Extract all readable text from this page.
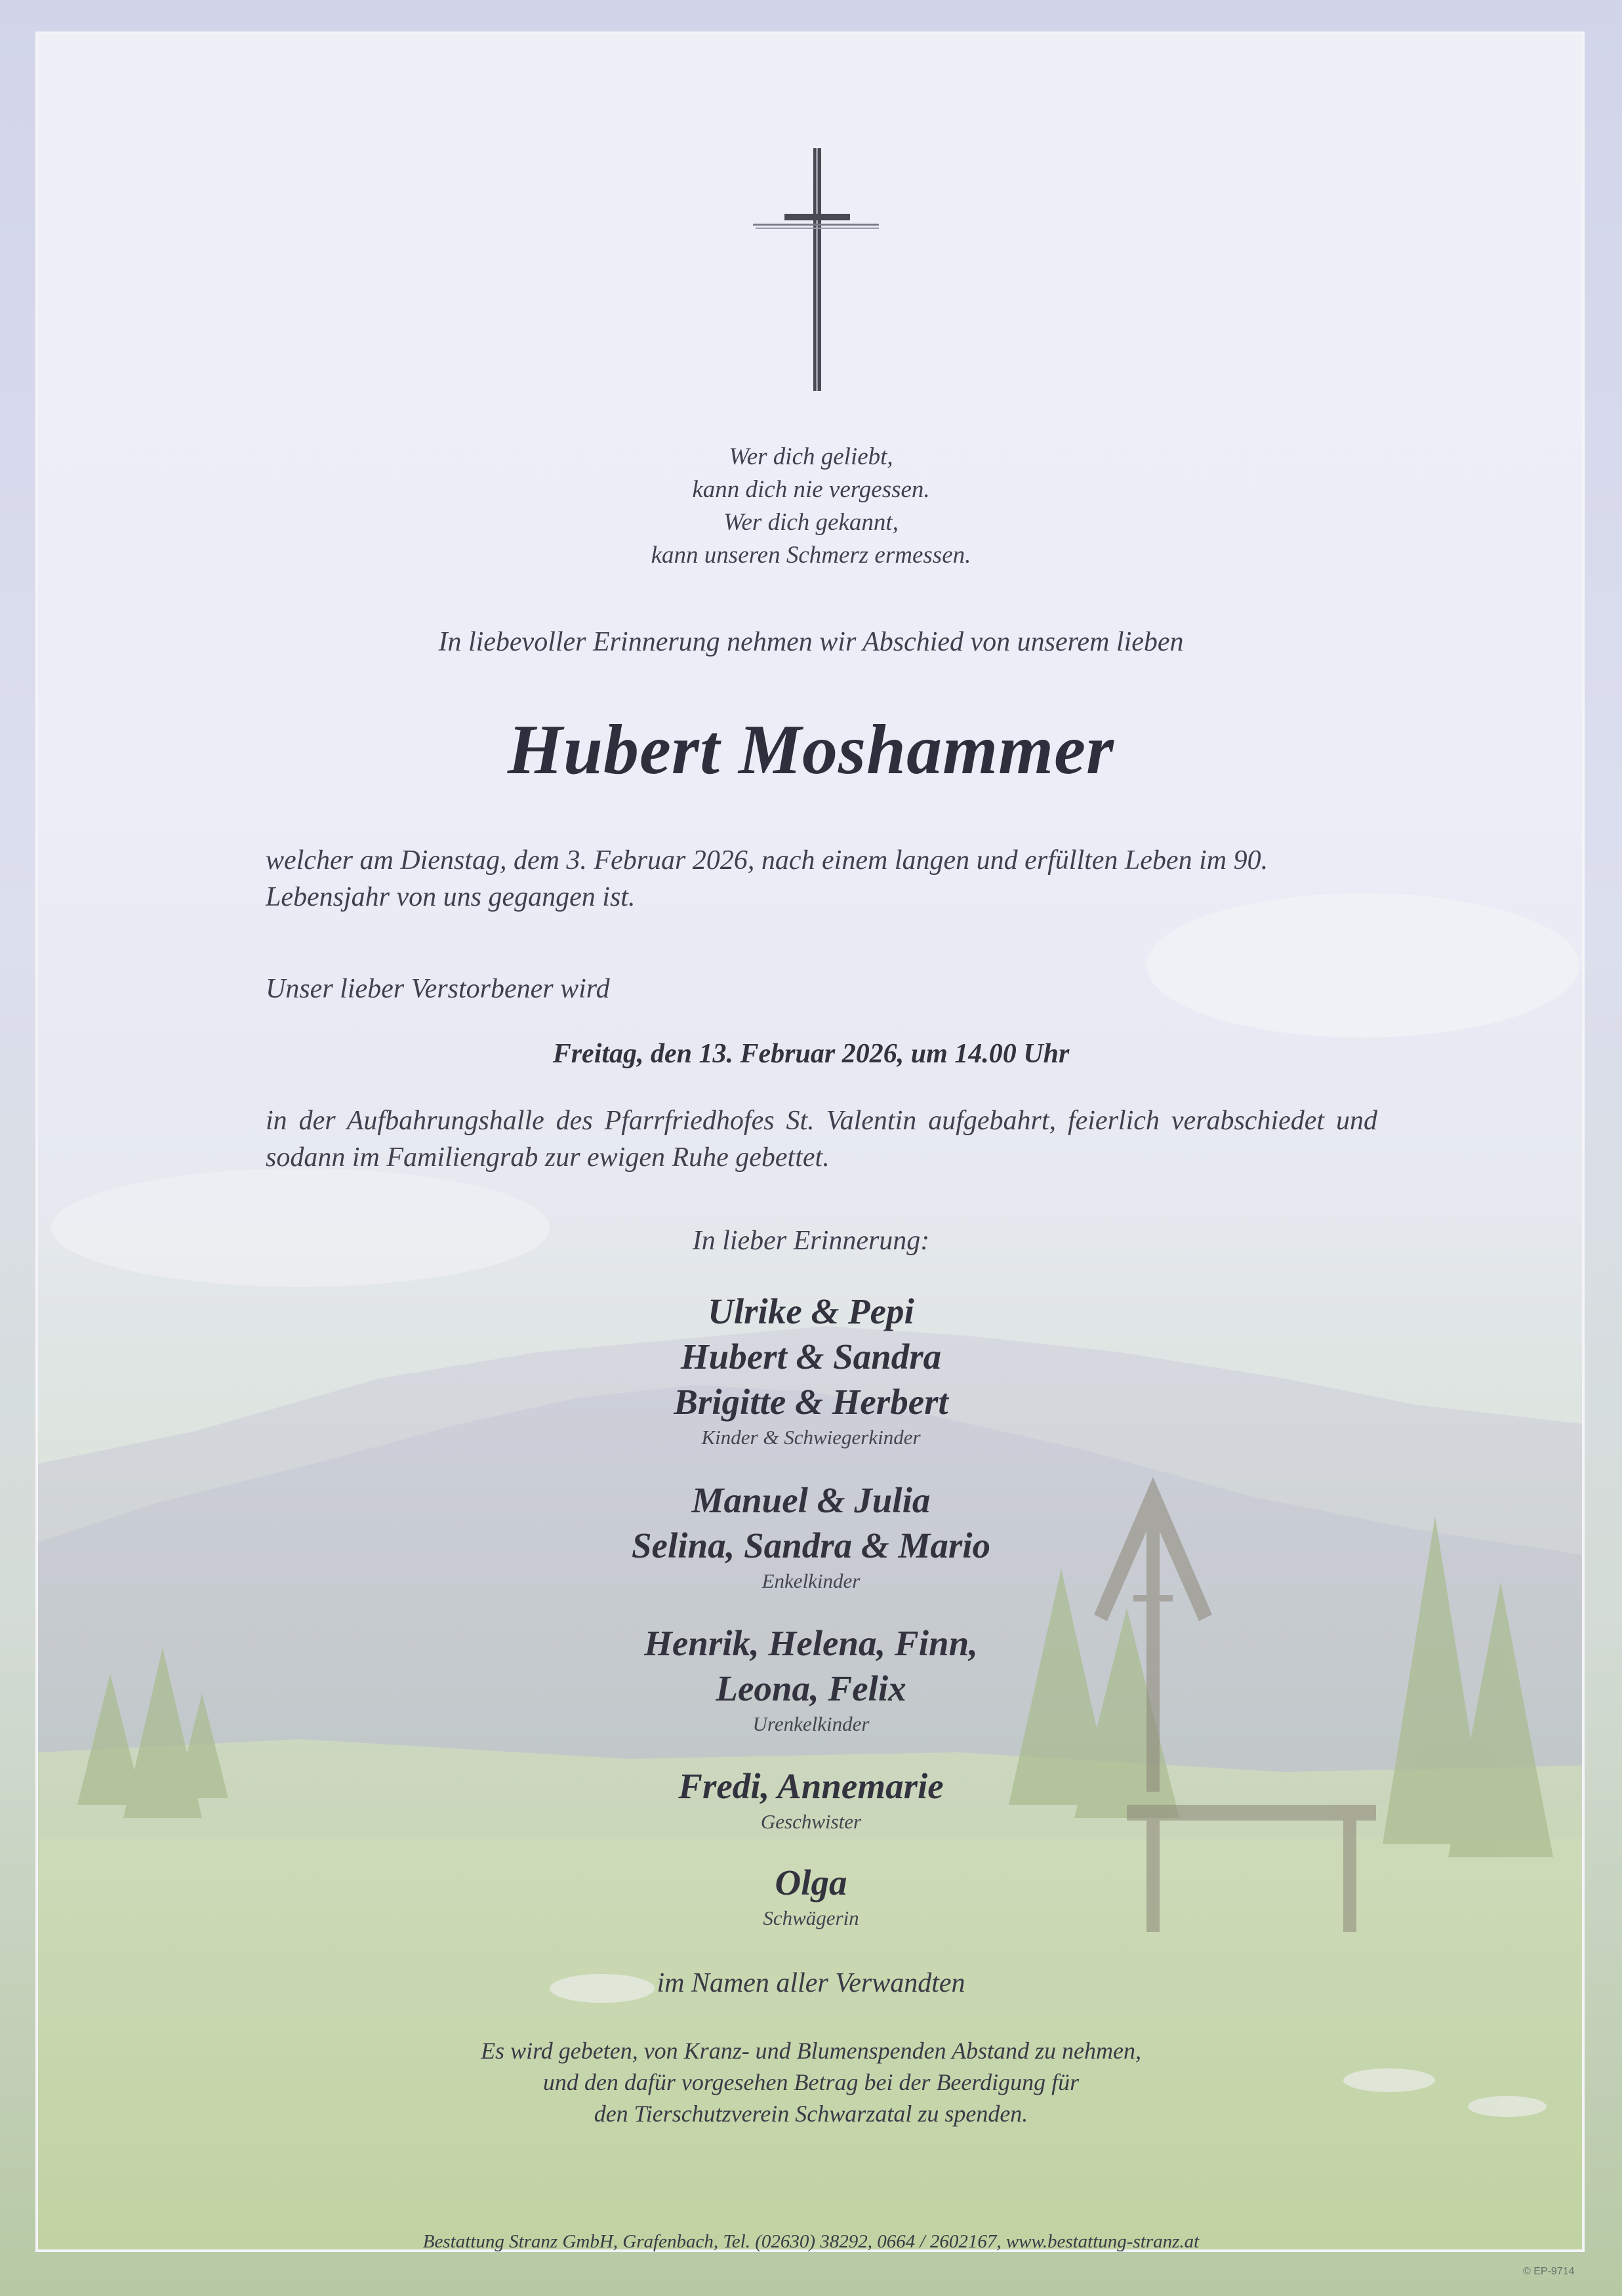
Wer dich geliebt,
kann dich nie vergessen.
Wer dich gekannt,
kann unseren Schmerz ermessen.
In liebevoller Erinnerung nehmen wir Abschied von unserem lieben
Hubert Moshammer
welcher am Dienstag, dem 3. Februar 2026, nach einem langen und erfüllten Leben im 90. Lebensjahr von uns gegangen ist.
Unser lieber Verstorbener wird
Freitag, den 13. Februar 2026, um 14.00 Uhr
in der Aufbahrungshalle des Pfarrfriedhofes St. Valentin aufgebahrt, feierlich verabschiedet und sodann im Familiengrab zur ewigen Ruhe gebettet.
In lieber Erinnerung:
Ulrike & Pepi
Hubert & Sandra
Brigitte & Herbert
Kinder & Schwiegerkinder
Manuel & Julia
Selina, Sandra & Mario
Enkelkinder
Henrik, Helena, Finn,
Leona, Felix
Urenkelkinder
Fredi, Annemarie
Geschwister
Olga
Schwägerin
im Namen aller Verwandten
Es wird gebeten, von Kranz- und Blumenspenden Abstand zu nehmen,
und den dafür vorgesehen Betrag bei der Beerdigung für
den Tierschutzverein Schwarzatal zu spenden.
Bestattung Stranz GmbH, Grafenbach, Tel. (02630) 38292, 0664 / 2602167, www.bestattung-stranz.at
© EP-9714
